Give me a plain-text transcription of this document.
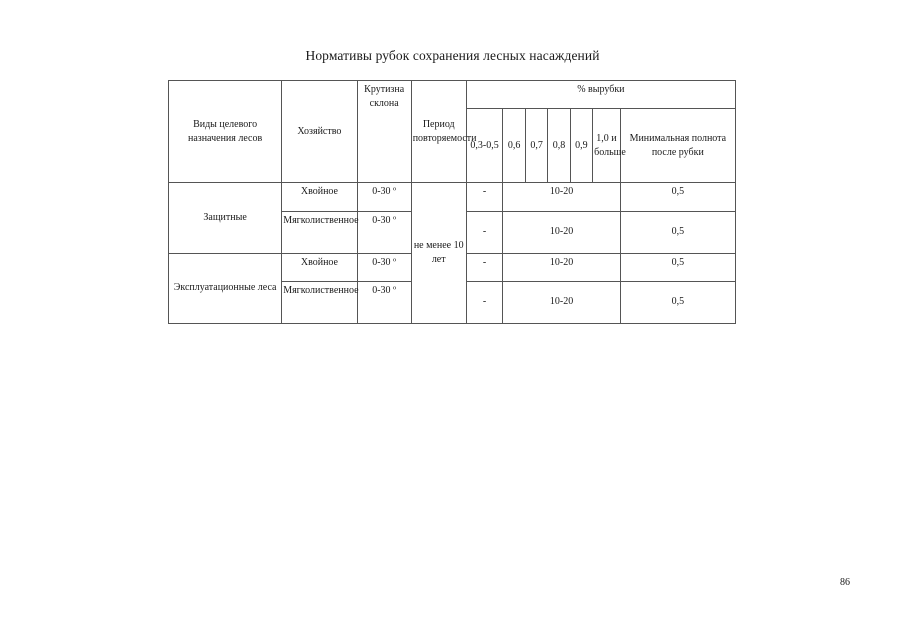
Нормативы рубок сохранения лесных насаждений
Виды целевого назначения лесов	Хозяйство	Крутизна склона	Период повторяемости	% вырубки						
				0,3-0,5	0,6	0,7	0,8	0,9	1,0 и больше	Минимальная полнота после рубки
Защитные	Хвойное	0-30 º	не менее 10 лет	-	10-20					0,5
	Мягколиственное	0-30 º		-	10-20					0,5
Эксплуатационные леса	Хвойное	0-30 º		-	10-20					0,5
	Мягколиственное	0-30 º		-	10-20					0,5
86
